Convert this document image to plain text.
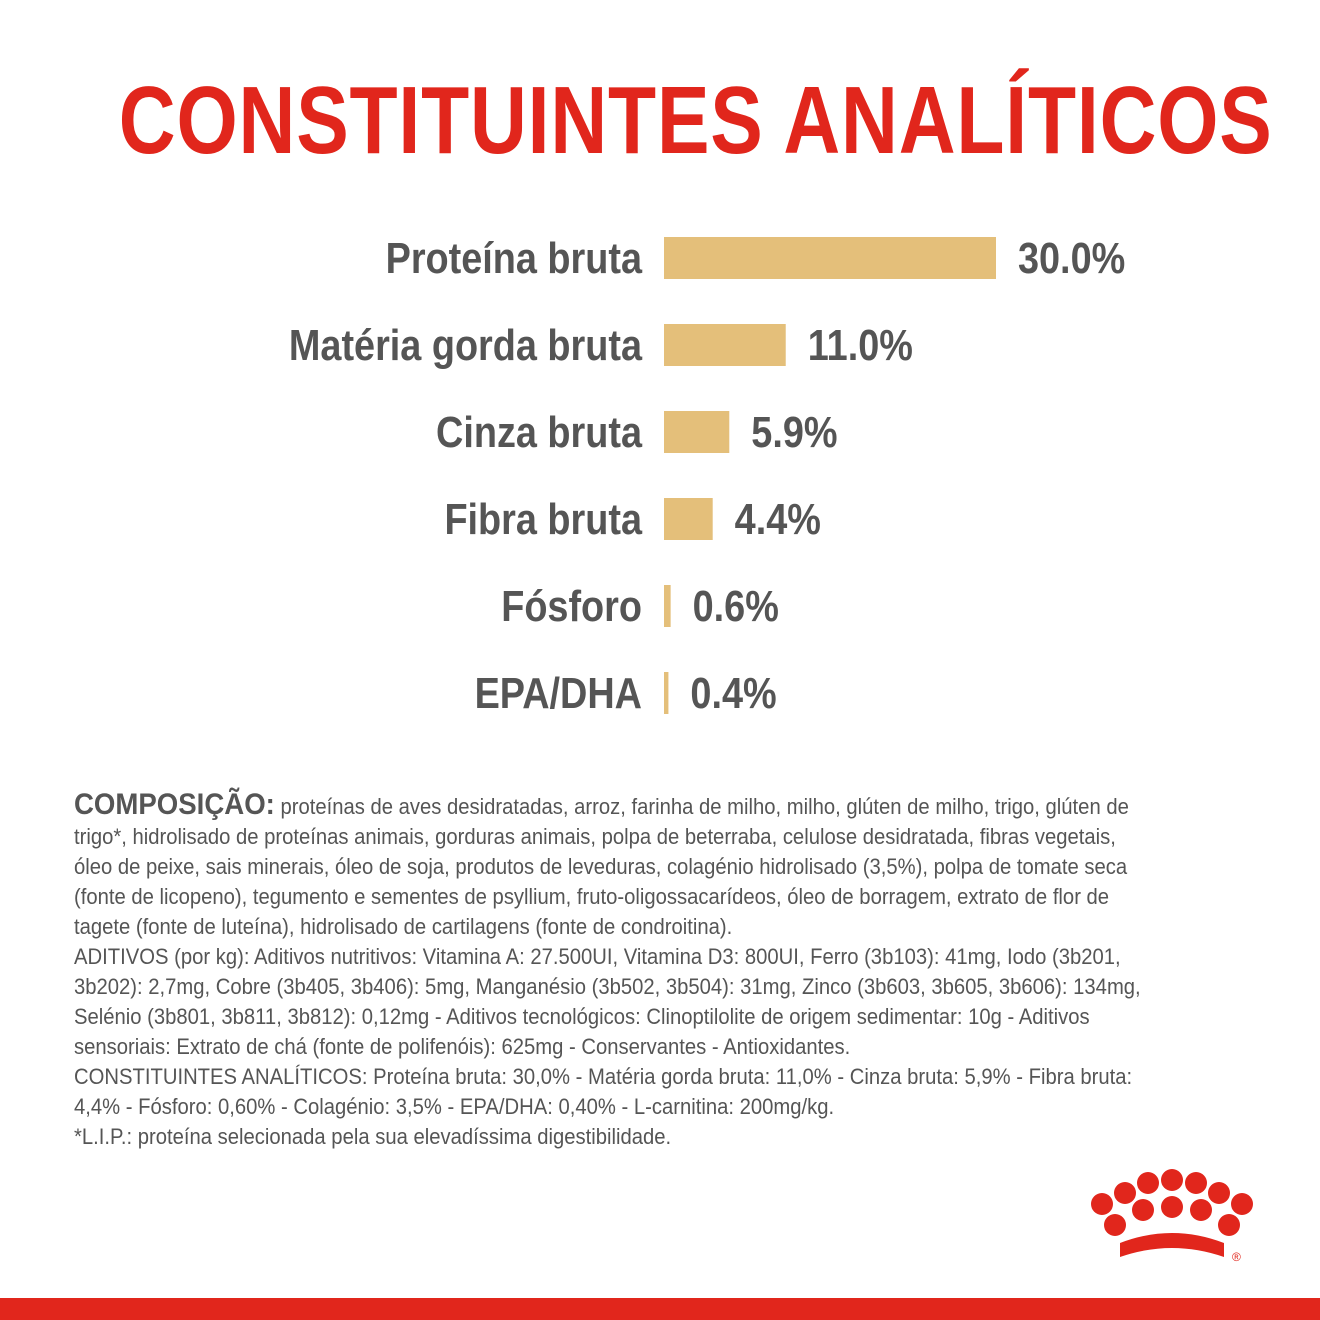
CONSTITUINTES ANALÍTICOS
Proteína bruta	30.0%
Matéria gorda bruta	11.0%
Cinza bruta 5.9%
Fibra bruta 4.4%
Fósforo 0.6%
EPA/DHA 0.4%

COMPOSIÇÃO: proteínas de aves desidratadas, arroz, farinha de milho, milho, glúten de milho, trigo, glúten de trigo*, hidrolisado de proteínas animais, gorduras animais, polpa de beterraba, celulose desidratada, fibras vegetais, óleo de peixe, sais minerais, óleo de soja, produtos de leveduras, colagénio hidrolisado (3,5%), polpa de tomate seca (fonte de licopeno), tegumento e sementes de psyllium, fruto-oligossacarídeos, óleo de borragem, extrato de flor de tagete (fonte de luteína), hidrolisado de cartilagens (fonte de condroitina).

ADITIVOS (por kg): Aditivos nutritivos: Vitamina A: 27.500UI, Vitamina D3: 800UI, Ferro (3b103): 41mg, Iodo (3b201, 3b202): 2,7mg, Cobre (3b405, 3b406): 5mg, Manganésio (3b502, 3b504): 31mg, Zinco (3b603, 3b605, 3b606): 134mg, Selénio (3b801, 3b811, 3b812): 0,12mg - Aditivos tecnológicos: Clinoptilolite de origem sedimentar: 10g - Aditivos sensoriais: Extrato de chá (fonte de polifenóis): 625mg - Conservantes - Antioxidantes.

CONSTITUINTES ANALÍTICOS: Proteína bruta: 30,0% - Matéria gorda bruta: 11,0% - Cinza bruta: 5,9% - Fibra bruta: 4,4% - Fósforo: 0,60% - Colagénio: 3,5% - EPA/DHA: 0,40% - L-carnitina: 200mg/kg.

*L.I.P.: proteína selecionada pela sua elevadíssima digestibilidade.

®
